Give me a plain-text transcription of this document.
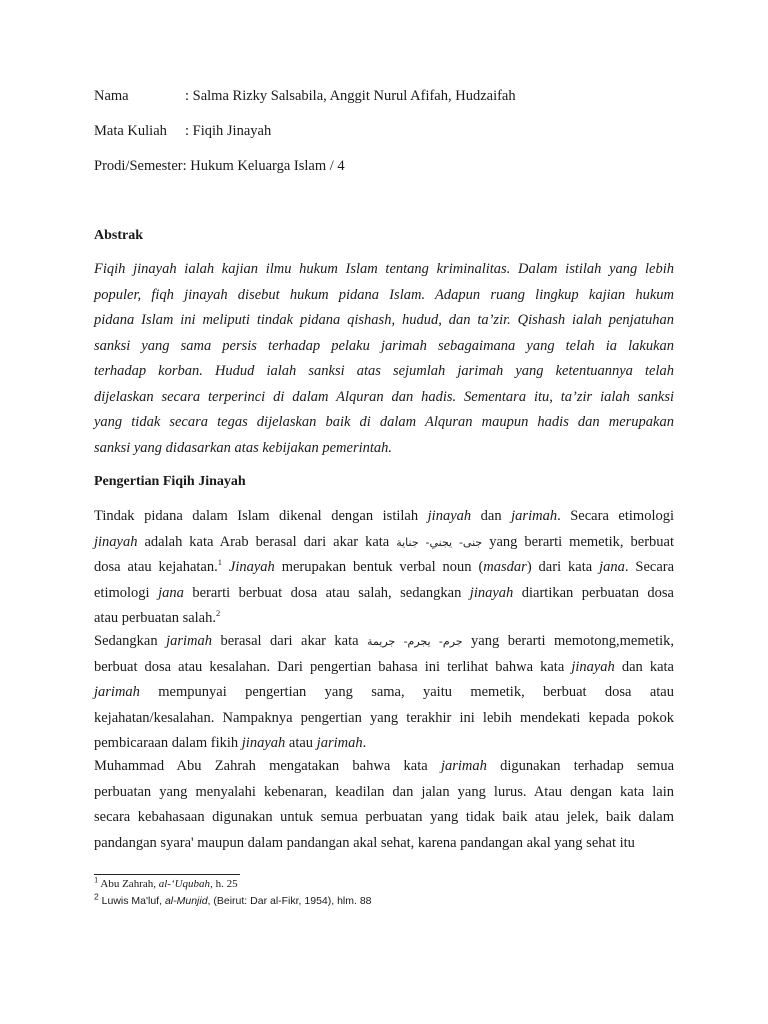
Nama	: Salma Rizky Salsabila, Anggit Nurul Afifah, Hudzaifah
Mata Kuliah : Fiqih Jinayah
Prodi/Semester: Hukum Keluarga Islam / 4
Abstrak
Fiqih jinayah ialah kajian ilmu hukum Islam tentang kriminalitas. Dalam istilah yang lebih
populer, fiqh jinayah disebut hukum pidana Islam. Adapun ruang lingkup kajian hukum
pidana Islam ini meliputi tindak pidana qishash, hudud, dan ta’zir. Qishash ialah penjatuhan
sanksi yang sama persis terhadap pelaku jarimah sebagaimana yang telah ia lakukan
terhadap korban. Hudud ialah sanksi atas sejumlah jarimah yang ketentuannya telah
dijelaskan secara terperinci di dalam Alquran dan hadis. Sementara itu, ta’zir ialah sanksi
yang tidak secara tegas dijelaskan baik di dalam Alquran maupun hadis dan merupakan
sanksi yang didasarkan atas kebijakan pemerintah.
Pengertian Fiqih Jinayah
Tindak pidana dalam Islam dikenal dengan istilah jinayah dan jarimah. Secara etimologi
jinayah adalah kata Arab berasal dari akar kata جنى- يجني- جناية yang berarti memetik, berbuat
dosa atau kejahatan.$^1$ Jinayah merupakan bentuk verbal noun (masdar) dari kata jana. Secara
etimologi jana berarti berbuat dosa atau salah, sedangkan jinayah diartikan perbuatan dosa
atau perbuatan salah.$^2$
Sedangkan jarimah berasal dari akar kata جرم- يجرم- جريمة yang berarti memotong,memetik,
berbuat dosa atau kesalahan. Dari pengertian bahasa ini terlihat bahwa kata jinayah dan kata
jarimah mempunyai pengertian yang sama, yaitu memetik, berbuat dosa atau
kejahatan/kesalahan. Nampaknya pengertian yang terakhir ini lebih mendekati kepada pokok
pembicaraan dalam fikih jinayah atau jarimah.
Muhammad Abu Zahrah mengatakan bahwa kata jarimah digunakan terhadap semua
perbuatan yang menyalahi kebenaran, keadilan dan jalan yang lurus. Atau dengan kata lain
secara kebahasaan digunakan untuk semua perbuatan yang tidak baik atau jelek, baik dalam
pandangan syara' maupun dalam pandangan akal sehat, karena pandangan akal yang sehat itu
$^1$ Abu Zahrah, al-‘Uqubah, h. 25
$^2$ Luwis Ma'luf, al-Munjid, (Beirut: Dar al-Fikr, 1954), hlm. 88
